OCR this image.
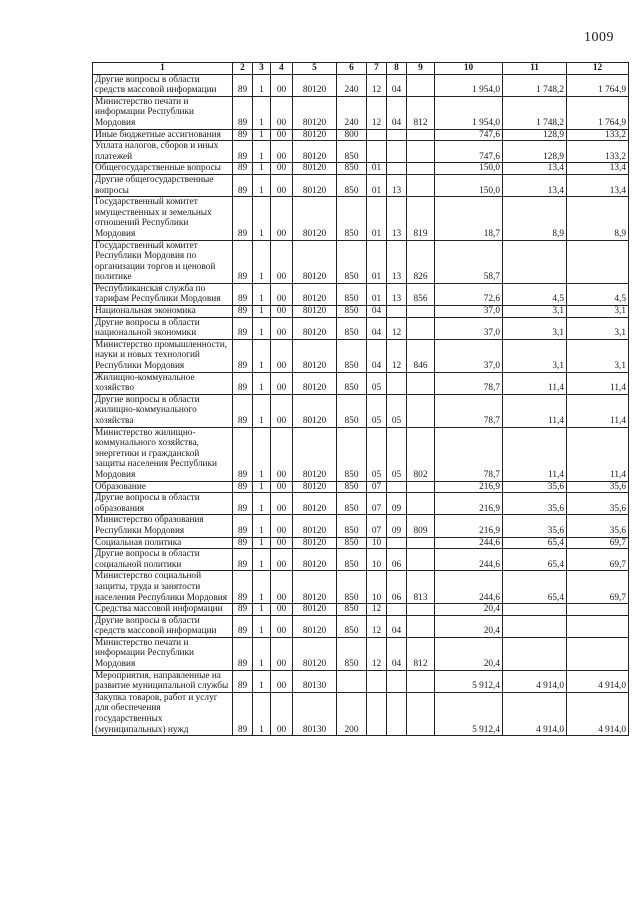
1009
1	2	3	4	5	6	7	8	9	10	11	12
Другие вопросы в области средств массовой информации	89	1	00	80120	240	12	04		1 954,0	1 748,2	1 764,9
Министерство печати и информации Республики Мордовия	89	1	00	80120	240	12	04	812	1 954,0	1 748,2	1 764,9
Иные бюджетные ассигнования	89	1	00	80120	800				747,6	128,9	133,2
Уплата налогов, сборов и иных платежей	89	1	00	80120	850				747,6	128,9	133,2
Общегосударственные вопросы	89	1	00	80120	850	01			150,0	13,4	13,4
Другие общегосударственные вопросы	89	1	00	80120	850	01	13		150,0	13,4	13,4
Государственный комитет имущественных и земельных отношений Республики Мордовия	89	1	00	80120	850	01	13	819	18,7	8,9	8,9
Государственный комитет Республики Мордовия по организации торгов и ценовой политике	89	1	00	80120	850	01	13	826	58,7		
Республиканская служба по тарифам Республики Мордовия	89	1	00	80120	850	01	13	856	72,6	4,5	4,5
Национальная экономика	89	1	00	80120	850	04			37,0	3,1	3,1
Другие вопросы в области национальной экономики	89	1	00	80120	850	04	12		37,0	3,1	3,1
Министерство промышленности, науки и новых технологий Республики Мордовия	89	1	00	80120	850	04	12	846	37,0	3,1	3,1
Жилищно-коммунальное хозяйство	89	1	00	80120	850	05			78,7	11,4	11,4
Другие вопросы в области жилищно-коммунального хозяйства	89	1	00	80120	850	05	05		78,7	11,4	11,4
Министерство жилищно-коммунального хозяйства, энергетики и гражданской защиты населения Республики Мордовия	89	1	00	80120	850	05	05	802	78,7	11,4	11,4
Образование	89	1	00	80120	850	07			216,9	35,6	35,6
Другие вопросы в области образования	89	1	00	80120	850	07	09		216,9	35,6	35,6
Министерство образования Республики Мордовия	89	1	00	80120	850	07	09	809	216,9	35,6	35,6
Социальная политика	89	1	00	80120	850	10			244,6	65,4	69,7
Другие вопросы в области социальной политики	89	1	00	80120	850	10	06		244,6	65,4	69,7
Министерство социальной защиты, труда и занятости населения Республики Мордовия	89	1	00	80120	850	10	06	813	244,6	65,4	69,7
Средства массовой информации	89	1	00	80120	850	12			20,4		
Другие вопросы в области средств массовой информации	89	1	00	80120	850	12	04		20,4		
Министерство печати и информации Республики Мордовия	89	1	00	80120	850	12	04	812	20,4		
Мероприятия, направленные на развитие муниципальной службы	89	1	00	80130					5 912,4	4 914,0	4 914,0
Закупка товаров, работ и услуг для обеспечения государственных (муниципальных) нужд	89	1	00	80130	200				5 912,4	4 914,0	4 914,0
